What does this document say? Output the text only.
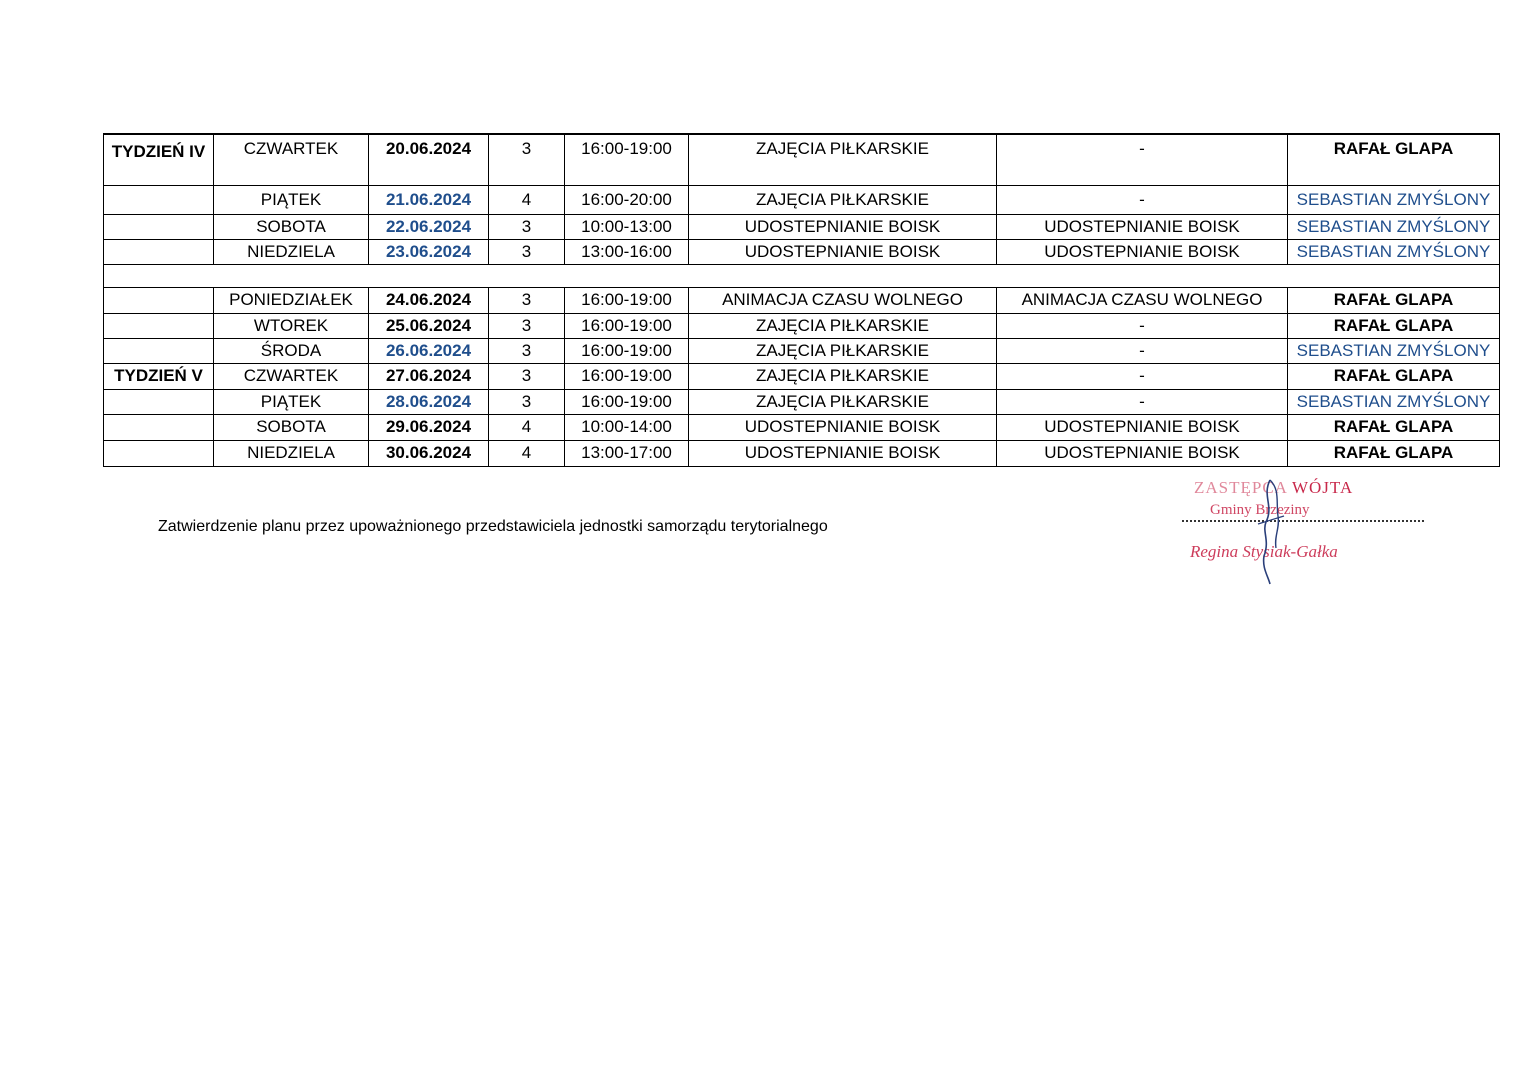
TYDZIEŃ IV	CZWARTEK	20.06.2024	3	16:00-19:00	ZAJĘCIA PIŁKARSKIE	-	RAFAŁ GLAPA
	PIĄTEK	21.06.2024	4	16:00-20:00	ZAJĘCIA PIŁKARSKIE	-	SEBASTIAN ZMYŚLONY
	SOBOTA	22.06.2024	3	10:00-13:00	UDOSTEPNIANIE BOISK	UDOSTEPNIANIE BOISK	SEBASTIAN ZMYŚLONY
	NIEDZIELA	23.06.2024	3	13:00-16:00	UDOSTEPNIANIE BOISK	UDOSTEPNIANIE BOISK	SEBASTIAN ZMYŚLONY

	PONIEDZIAŁEK	24.06.2024	3	16:00-19:00	ANIMACJA CZASU WOLNEGO	ANIMACJA CZASU WOLNEGO	RAFAŁ GLAPA
	WTOREK	25.06.2024	3	16:00-19:00	ZAJĘCIA PIŁKARSKIE	-	RAFAŁ GLAPA
	ŚRODA	26.06.2024	3	16:00-19:00	ZAJĘCIA PIŁKARSKIE	-	SEBASTIAN ZMYŚLONY
TYDZIEŃ V	CZWARTEK	27.06.2024	3	16:00-19:00	ZAJĘCIA PIŁKARSKIE	-	RAFAŁ GLAPA
	PIĄTEK	28.06.2024	3	16:00-19:00	ZAJĘCIA PIŁKARSKIE	-	SEBASTIAN ZMYŚLONY
	SOBOTA	29.06.2024	4	10:00-14:00	UDOSTEPNIANIE BOISK	UDOSTEPNIANIE BOISK	RAFAŁ GLAPA
	NIEDZIELA	30.06.2024	4	13:00-17:00	UDOSTEPNIANIE BOISK	UDOSTEPNIANIE BOISK	RAFAŁ GLAPA
Zatwierdzenie planu przez upoważnionego przedstawiciela jednostki samorządu terytorialnego
ZASTĘPCA WÓJTA
Gminy Brzeziny
Regina Stysiak-Gałka
